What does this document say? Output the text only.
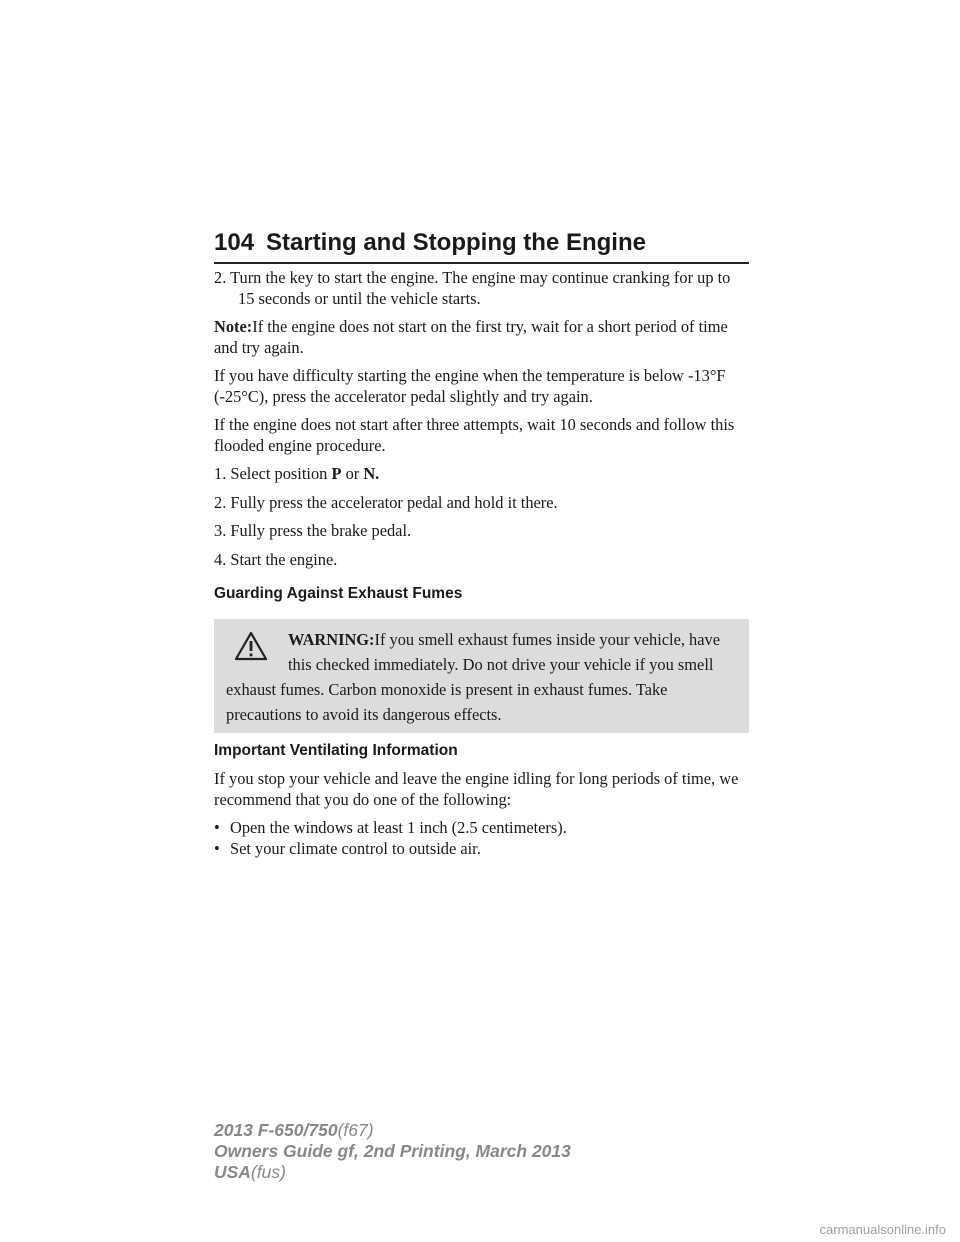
104 Starting and Stopping the Engine

2. Turn the key to start the engine. The engine may continue cranking for up to 15 seconds or until the vehicle starts.

Note:If the engine does not start on the first try, wait for a short period of time and try again.

If you have difficulty starting the engine when the temperature is below -13°F (-25°C), press the accelerator pedal slightly and try again.

If the engine does not start after three attempts, wait 10 seconds and follow this flooded engine procedure.

1. Select position P or N.

2. Fully press the accelerator pedal and hold it there.

3. Fully press the brake pedal.

4. Start the engine.

Guarding Against Exhaust Fumes
WARNING:If you smell exhaust fumes inside your vehicle, have
this checked immediately. Do not drive your vehicle if you smell
exhaust fumes. Carbon monoxide is present in exhaust fumes. Take precautions to avoid its dangerous effects.
Important Ventilating Information

If you stop your vehicle and leave the engine idling for long periods of time, we recommend that you do one of the following:

• Open the windows at least 1 inch (2.5 centimeters).
• Set your climate control to outside air.
2013 F-650/750(f67)
Owners Guide gf, 2nd Printing, March 2013
USA(fus)
carmanualsonline.info
